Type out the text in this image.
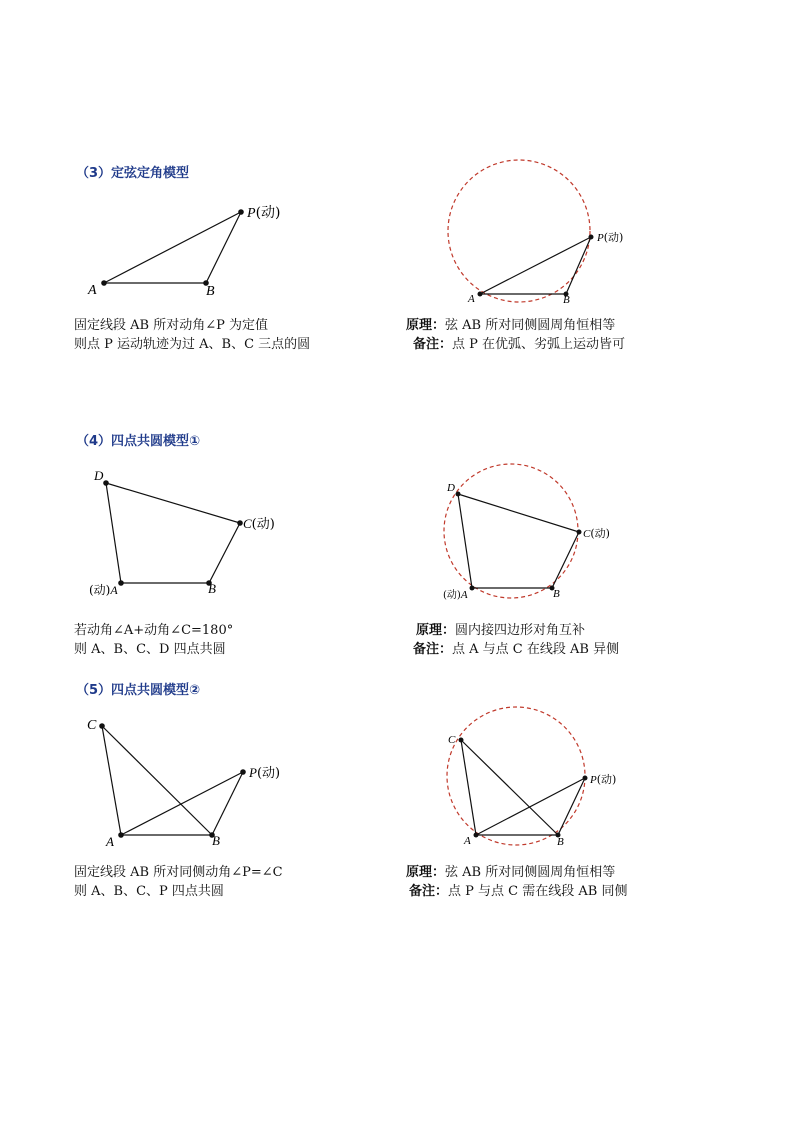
（3）定弦定角模型
A	B
P(动)
A	B
P(动)
D
C(动)
B
(动)A
D
C(动)
B
(动)A
C
A	B
P(动)
C
A	B
P(动)
固定线段 AB 所对动角∠P 为定值
则点 P 运动轨迹为过 A、B、C 三点的圆
原理：弦 AB 所对同侧圆周角恒相等
备注：点 P 在优弧、劣弧上运动皆可
（4）四点共圆模型①
若动角∠A+动角∠C=180°
则 A、B、C、D 四点共圆
原理：圆内接四边形对角互补
备注：点 A 与点 C 在线段 AB 异侧
（5）四点共圆模型②
固定线段 AB 所对同侧动角∠P=∠C
则 A、B、C、P 四点共圆
原理：弦 AB 所对同侧圆周角恒相等
备注：点 P 与点 C 需在线段 AB 同侧
